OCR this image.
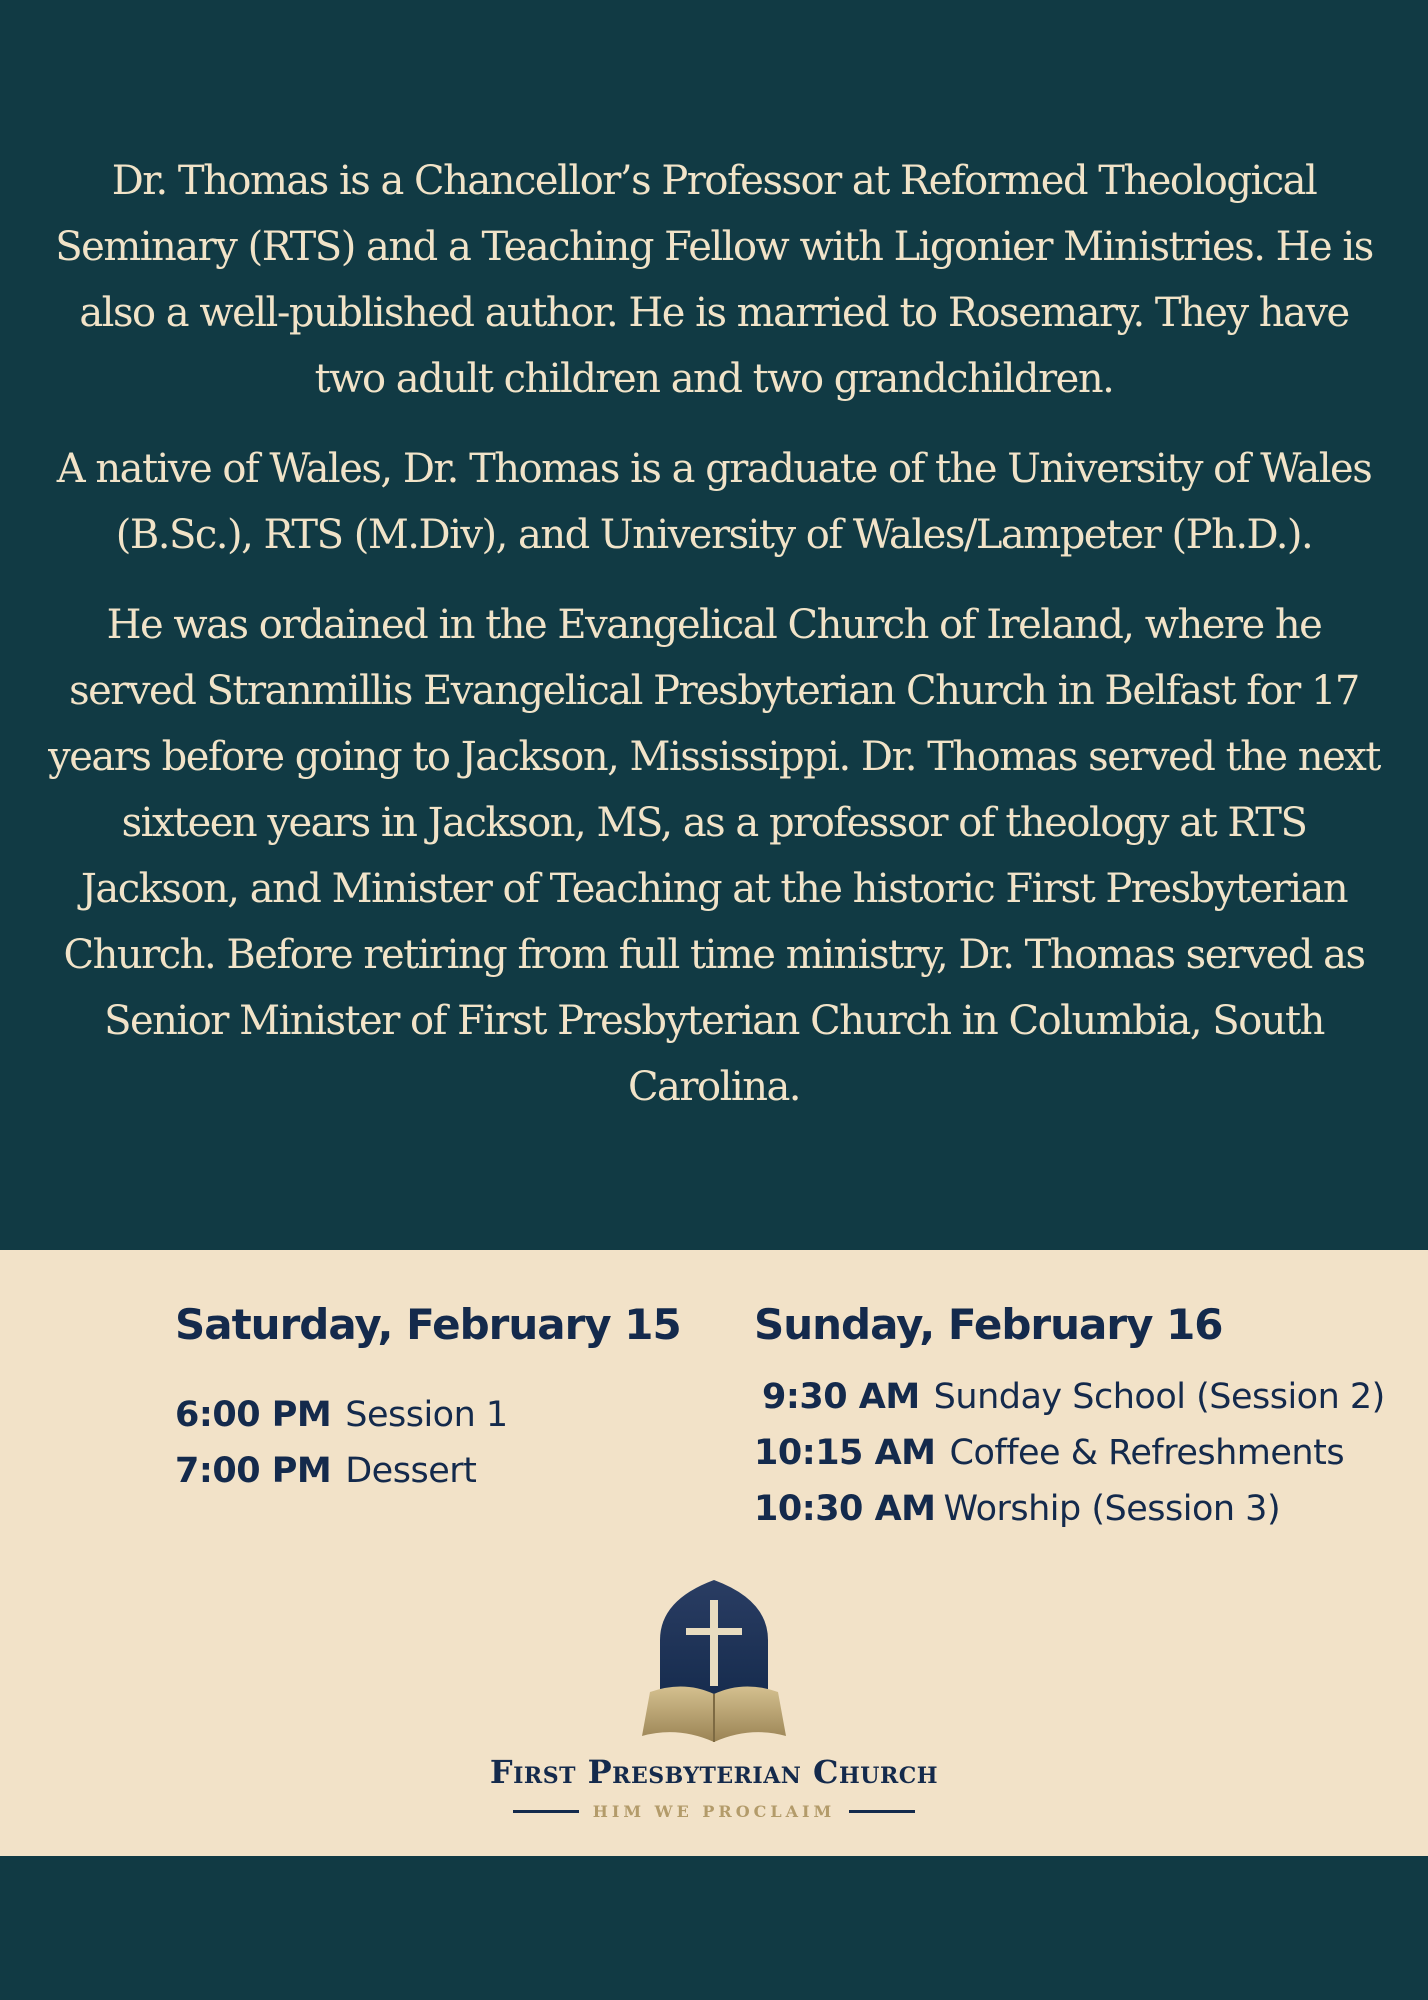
Dr. Thomas is a Chancellor’s Professor at Reformed Theological Seminary (RTS) and a Teaching Fellow with Ligonier Ministries. He is also a well-published author. He is married to Rosemary. They have two adult children and two grandchildren.

A native of Wales, Dr. Thomas is a graduate of the University of Wales (B.Sc.), RTS (M.Div), and University of Wales/Lampeter (Ph.D.).

He was ordained in the Evangelical Church of Ireland, where he served Stranmillis Evangelical Presbyterian Church in Belfast for 17 years before going to Jackson, Mississippi. Dr. Thomas served the next sixteen years in Jackson, MS, as a professor of theology at RTS Jackson, and Minister of Teaching at the historic First Presbyterian Church. Before retiring from full time ministry, Dr. Thomas served as Senior Minister of First Presbyterian Church in Columbia, South Carolina.

Saturday, February 15
6:00 PM Session 1
7:00 PM Dessert
Sunday, February 16
9:30 AM Sunday School (Session 2)
10:15 AM Coffee & Refreshments
10:30 AM Worship (Session 3)
First Presbyterian Church
HIM WE PROCLAIM
